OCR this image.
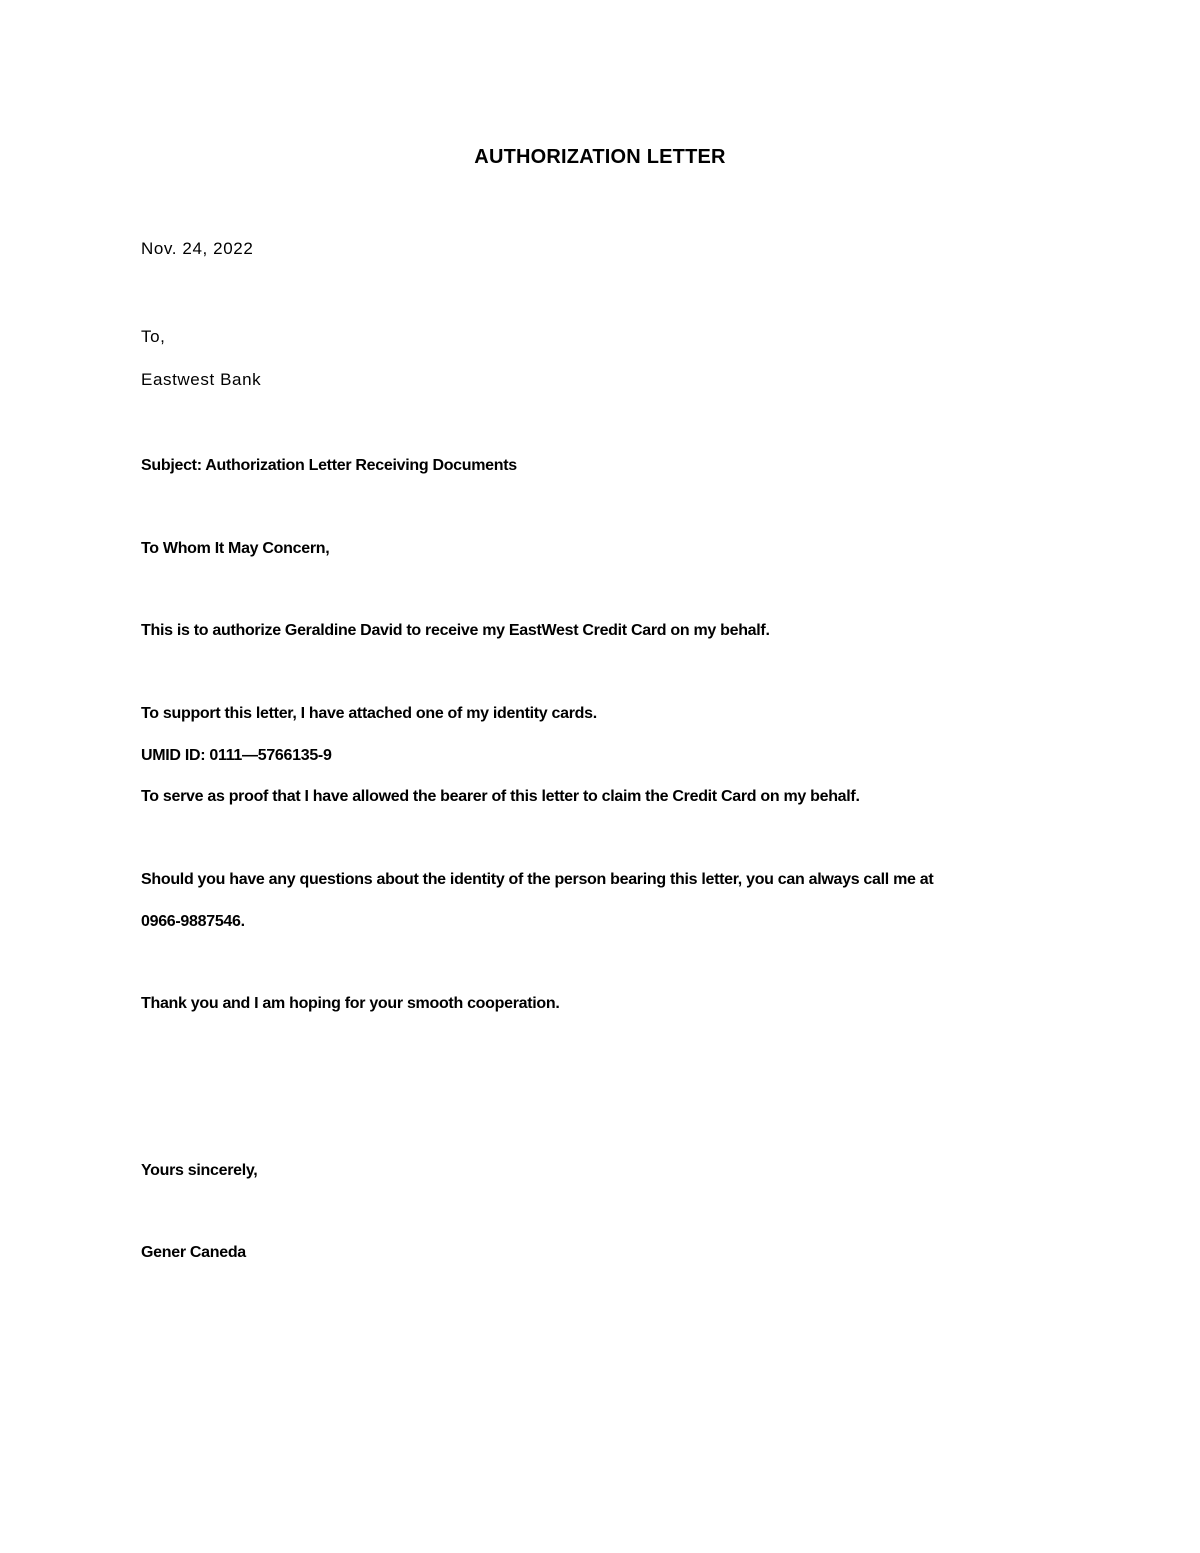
AUTHORIZATION LETTER
Nov. 24, 2022
To,
Eastwest Bank
Subject: Authorization Letter Receiving Documents
To Whom It May Concern,
This is to authorize Geraldine David to receive my EastWest Credit Card on my behalf.
To support this letter, I have attached one of my identity cards.
UMID ID: 0111—5766135-9
To serve as proof that I have allowed the bearer of this letter to claim the Credit Card on my behalf.
Should you have any questions about the identity of the person bearing this letter, you can always call me at
0966-9887546.
Thank you and I am hoping for your smooth cooperation.
Yours sincerely,
Gener Caneda
